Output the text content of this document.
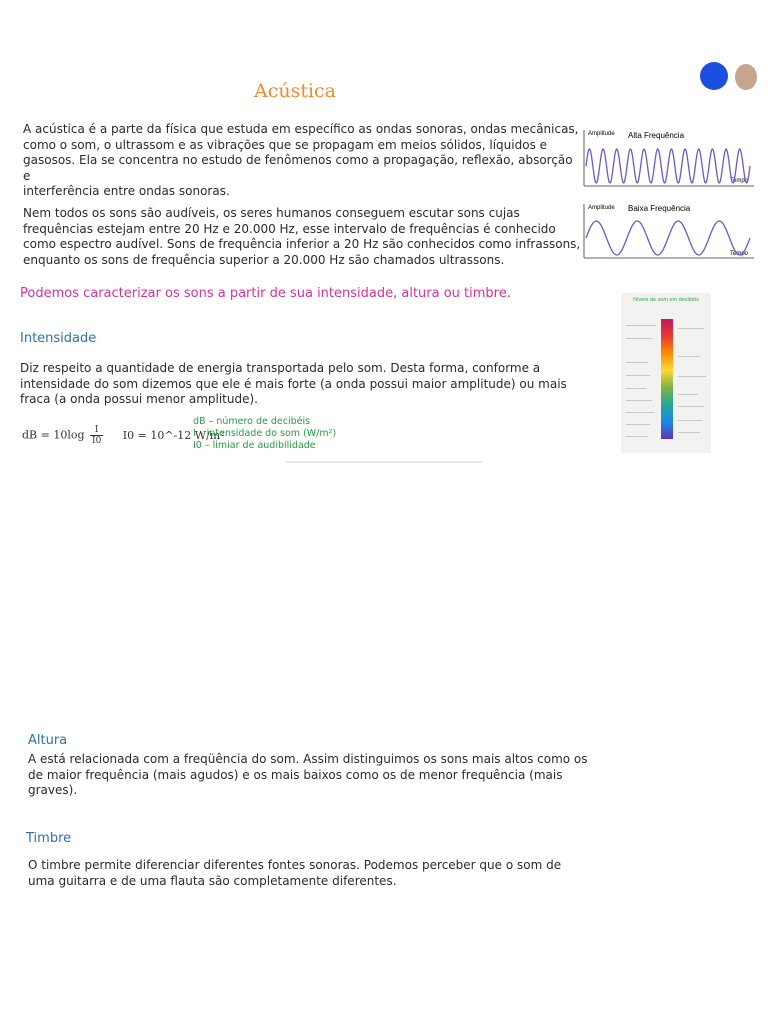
Acústica
A acústica é a parte da física que estuda em específico as ondas sonoras, ondas mecânicas,
como o som, o ultrassom e as vibrações que se propagam em meios sólidos, líquidos e
gasosos. Ela se concentra no estudo de fenômenos como a propagação, reflexão, absorção e
interferência entre ondas sonoras.
Nem todos os sons são audíveis, os seres humanos conseguem escutar sons cujas
frequências estejam entre 20 Hz e 20.000 Hz, esse intervalo de frequências é conhecido
como espectro audível. Sons de frequência inferior a 20 Hz são conhecidos como infrassons,
enquanto os sons de frequência superior a 20.000 Hz são chamados ultrassons.
Podemos caracterizar os sons a partir de sua intensidade, altura ou timbre.
Intensidade
Diz respeito a quantidade de energia transportada pelo som. Desta forma, conforme a
intensidade do som dizemos que ele é mais forte (a onda possui maior amplitude) ou mais
fraca (a onda possui menor amplitude).
dB = $10\log \frac{I}{I0} I0$ = 10^-12 W/m²
dB – número de decibéis
I – intensidade do som (W/m²)
I0 – limiar de audibilidade
Altura
A está relacionada com a freqüência do som. Assim distinguimos os sons mais altos como os
de maior frequência (mais agudos) e os mais baixos como os de menor frequência (mais
graves).
Timbre
O timbre permite diferenciar diferentes fontes sonoras. Podemos perceber que o som de
uma guitarra e de uma flauta são completamente diferentes.
Amplitude Alta Frequência
Tempo
Amplitude Baixa Frequência
Tempo
Níveis de som em decibéis
